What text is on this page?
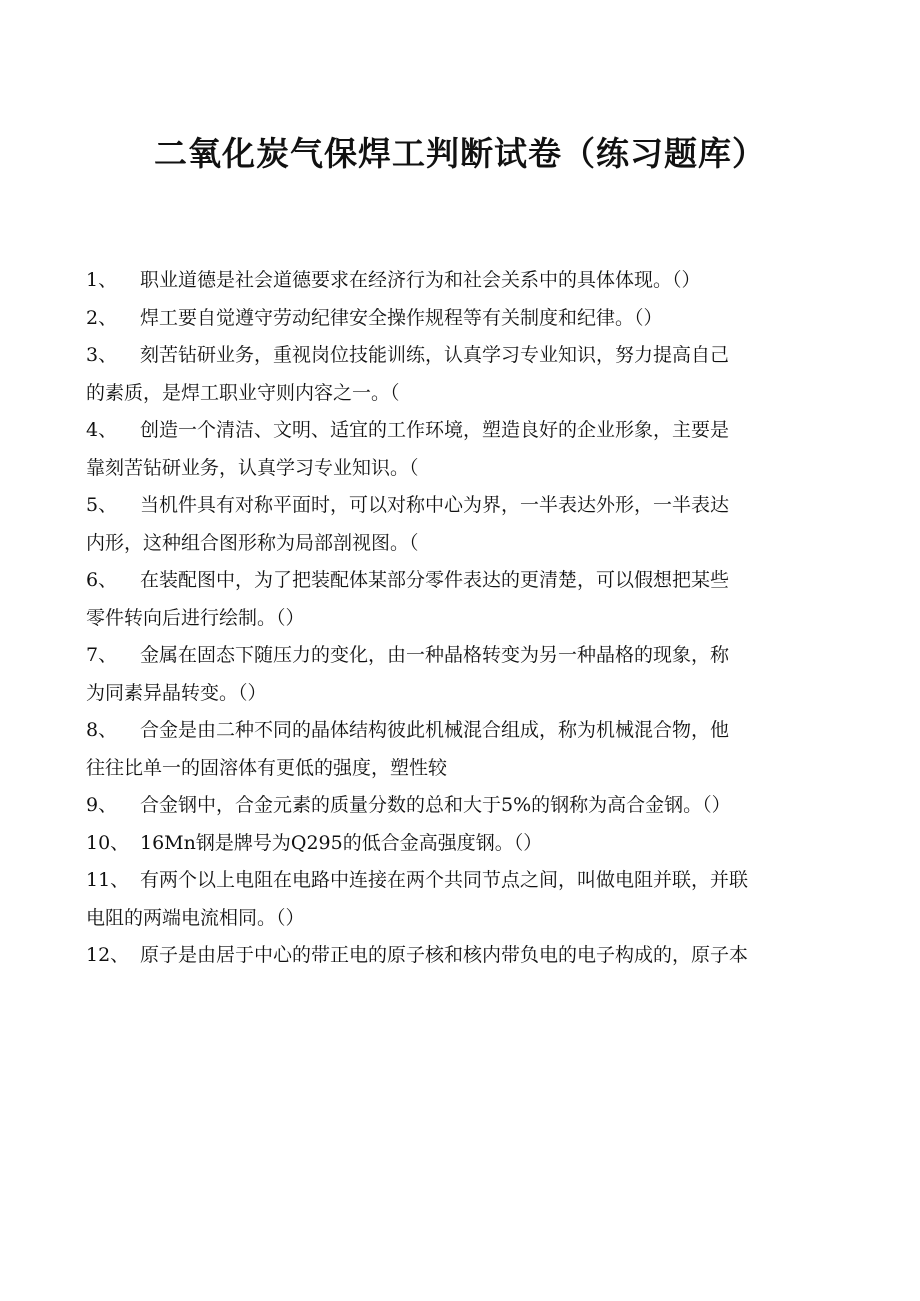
二氧化炭气保焊工判断试卷（练习题库）

1、 职业道德是社会道德要求在经济行为和社会关系中的具体体现。（）

2、 焊工要自觉遵守劳动纪律安全操作规程等有关制度和纪律。（）

3、 刻苦钻研业务，重视岗位技能训练，认真学习专业知识，努力提高自己
的素质，是焊工职业守则内容之一。（

4、 创造一个清洁、文明、适宜的工作环境，塑造良好的企业形象，主要是
靠刻苦钻研业务，认真学习专业知识。（

5、 当机件具有对称平面时，可以对称中心为界，一半表达外形，一半表达
内形，这种组合图形称为局部剖视图。（

6、 在装配图中，为了把装配体某部分零件表达的更清楚，可以假想把某些
零件转向后进行绘制。（）

7、 金属在固态下随压力的变化，由一种晶格转变为另一种晶格的现象，称
为同素异晶转变。（）

8、 合金是由二种不同的晶体结构彼此机械混合组成，称为机械混合物，他
往往比单一的固溶体有更低的强度，塑性较

9、 合金钢中，合金元素的质量分数的总和大于5%的钢称为高合金钢。（）

10、 16Mn钢是牌号为Q295的低合金高强度钢。（）

11、 有两个以上电阻在电路中连接在两个共同节点之间，叫做电阻并联，并联
电阻的两端电流相同。（）

12、 原子是由居于中心的带正电的原子核和核内带负电的电子构成的，原子本
